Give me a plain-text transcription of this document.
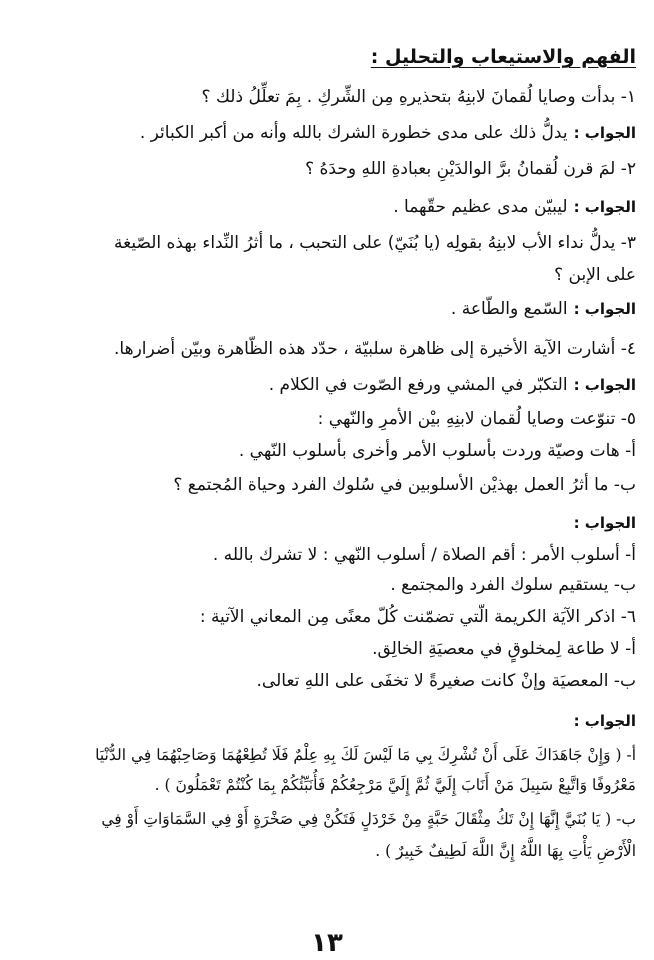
الفهم والاستيعاب والتحليل :
١- بدأت وصايا لُقمانَ لابنِهُ بتحذيرهِ مِن الشِّركِ . بِمَ تعلِّلُ ذلك ؟
الجواب :يدلُّ ذلك على مدى خطورة الشرك بالله وأنه من أكبر الكبائر .
٢- لمَ قرن لُقمانُ برَّ الوالدَيْنِ بعبادةِ اللهِ وحدَهُ ؟
الجواب :ليبيّن مدى عظيم حقّهما .
٣- يدلُّ نداء الأب لابنِهُ بقولِه (يا بُنَيّ) على التحبب ، ما أثرُ النِّداء بهذه الصّيغة
على الإبن ؟
الجواب :السّمع والطّاعة .
٤- أشارت الآية الأخيرة إلى ظاهرة سلبيّة ، حدّد هذه الظّاهرة وبيّن أضرارها.
الجواب :التكبّر في المشي ورفع الصّوت في الكلام .
٥- تنوّعت وصايا لُقمان لابنِهِ بيْن الأمرِ والنّهي :
أ- هات وصيّة وردت بأسلوب الأمر وأخرى بأسلوب النّهي .
ب- ما أثرُ العمل بهذيْن الأسلوبين في سُلوك الفرد وحياة المُجتمع ؟
الجواب :
أ- أسلوب الأمر : أقم الصلاة / أسلوب النّهي : لا تشرك بالله .
ب- يستقيم سلوك الفرد والمجتمع .
٦- اذكر الآيَة الكريمة الّتي تضمّنت كُلّ معنًى مِن المعاني الآتية :
أ- لا طاعة لِمخلوقٍ في معصيَةِ الخالِق.
ب- المعصيَة وإنْ كانت صغيرةً لا تخفَى على اللهِ تعالى.
الجواب :
أ- ( وَإِنْ جَاهَدَاكَ عَلَى أَنْ تُشْرِكَ بِي مَا لَيْسَ لَكَ بِهِ عِلْمٌ فَلَا تُطِعْهُمَا وَصَاحِبْهُمَا فِي الدُّنْيَا
مَعْرُوفًا وَاتَّبِعْ سَبِيلَ مَنْ أَنَابَ إِلَيَّ ثُمَّ إِلَيَّ مَرْجِعُكُمْ فَأُنَبِّئُكُمْ بِمَا كُنْتُمْ تَعْمَلُونَ ) .
ب- ( يَا بُنَيَّ إِنَّهَا إِنْ تَكُ مِثْقَالَ حَبَّةٍ مِنْ خَرْدَلٍ فَتَكُنْ فِي صَخْرَةٍ أَوْ فِي السَّمَاوَاتِ أَوْ فِي
الْأَرْضِ يَأْتِ بِهَا اللَّهُ إِنَّ اللَّهَ لَطِيفٌ خَبِيرٌ ) .
١٣
